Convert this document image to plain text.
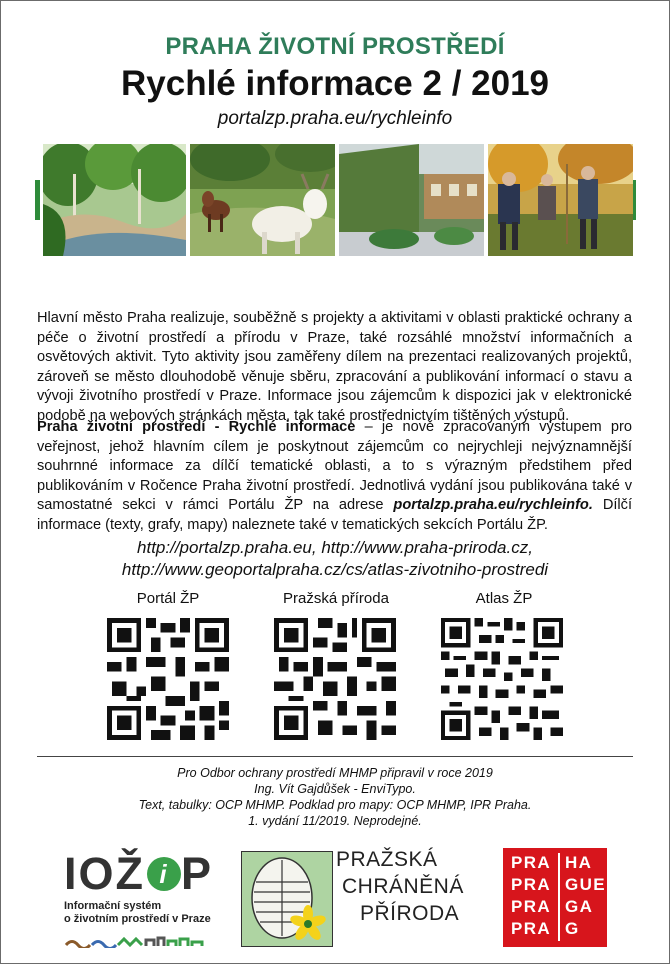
PRAHA ŽIVOTNÍ PROSTŘEDÍ
Rychlé informace 2 / 2019
portalzp.praha.eu/rychleinfo
Hlavní město Praha realizuje, souběžně s projekty a aktivitami v oblasti praktické ochrany a péče o životní prostředí a přírodu v Praze, také rozsáhlé množství informačních a osvětových aktivit. Tyto aktivity jsou zaměřeny dílem na prezentaci realizovaných projektů, zároveň se město dlouhodobě věnuje sběru, zpracování a publikování informací o stavu a vývoji životního prostředí v Praze. Informace jsou zájemcům k dispozici jak v elektronické podobě na webových stránkách města, tak také prostřednictvím tištěných výstupů.
Praha životní prostředí - Rychlé informace – je nově zpracovaným výstupem pro veřejnost, jehož hlavním cílem je poskytnout zájemcům co nejrychleji nejvýznamnější souhrnné informace za dílčí tematické oblasti, a to s výrazným předstihem před publikováním v Ročence Praha životní prostředí. Jednotlivá vydání jsou publikována také v samostatné sekci v rámci Portálu ŽP na adrese portalzp.praha.eu/rychleinfo. Dílčí informace (texty, grafy, mapy) naleznete také v tematických sekcích Portálu ŽP.
http://portalzp.praha.eu, http://www.praha-priroda.cz,
http://www.geoportalpraha.cz/cs/atlas-zivotniho-prostredi
Portál ŽP	Pražská příroda	Atlas ŽP
Pro Odbor ochrany prostředí MHMP připravil v roce 2019
Ing. Vít Gajdůšek - EnviTypo.
Text, tabulky: OCP MHMP. Podklad pro mapy: OCP MHMP, IPR Praha.
1. vydání 11/2019. Neprodejné.
IOŽ i P
Informační systém
o životním prostředí v Praze
PRAŽSKÁ
CHRÁNĚNÁ
PŘÍRODA
PRA HA
PRA GUE
PRA GA
PRA G
